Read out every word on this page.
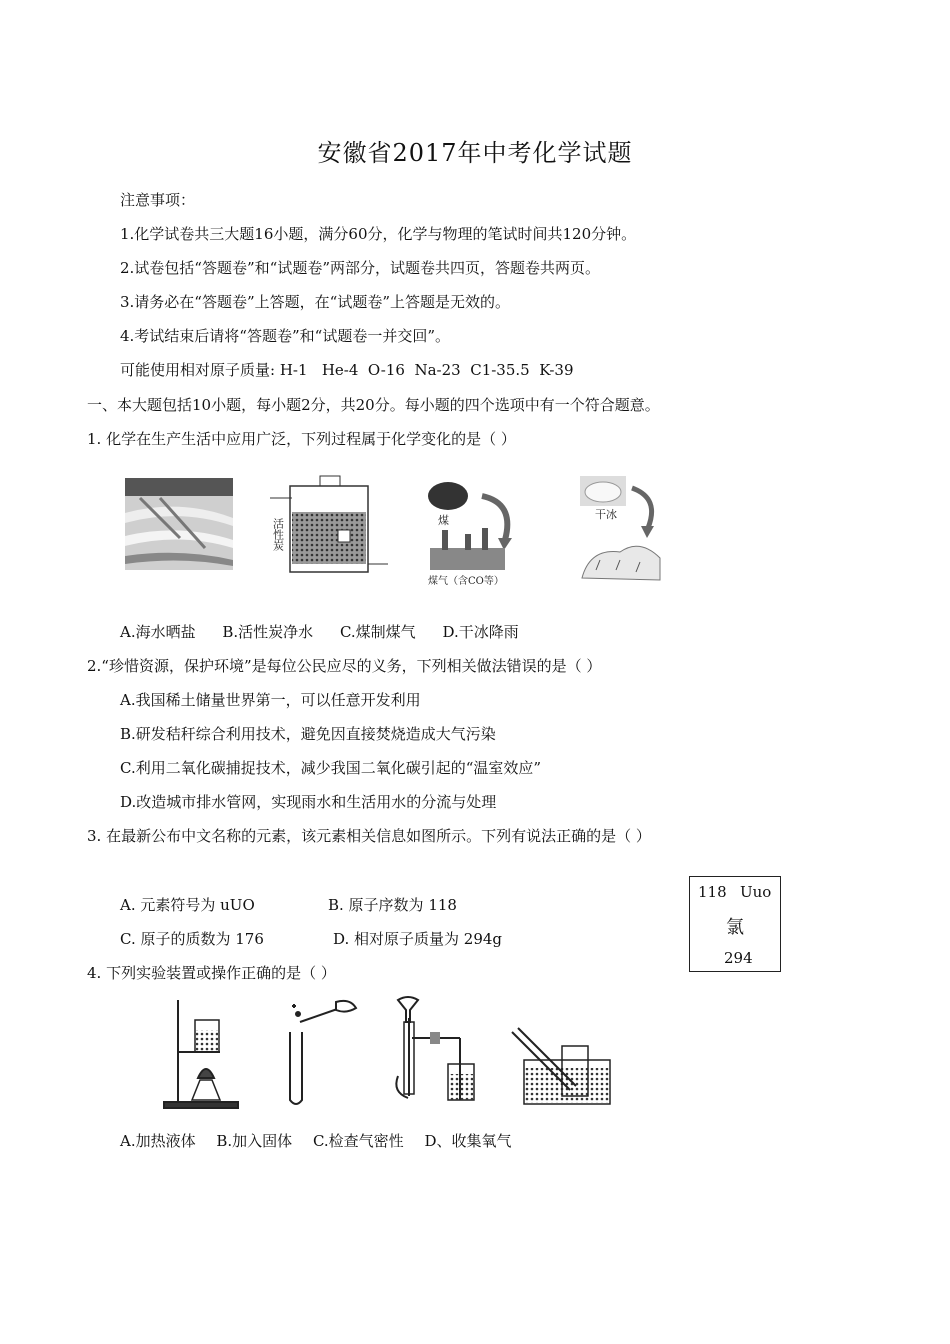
安徽省2017年中考化学试题
注意事项：
1.化学试卷共三大题16小题，满分60分，化学与物理的笔试时间共120分钟。
2.试卷包括“答题卷”和“试题卷”两部分，试题卷共四页，答题卷共两页。
3.请务必在“答题卷”上答题，在“试题卷”上答题是无效的。
4.考试结束后请将“答题卷”和“试题卷一并交回”。
可能使用相对原子质量: H-1   He-4  O-16  Na-23  C1-35.5  K-39
一、本大题包括10小题，每小题2分，共20分。每小题的四个选项中有一个符合题意。
1. 化学在生产生活中应用广泛，下列过程属于化学变化的是（ ）
活性炭	煤
煤气（含CO等）
干冰
A.海水晒盐 B.活性炭净水 C.煤制煤气 D.干冰降雨
2.“珍惜资源，保护环境”是每位公民应尽的义务，下列相关做法错误的是（ ）
A.我国稀土储量世界第一，可以任意开发利用
B.研发秸秆综合利用技术，避免因直接焚烧造成大气污染
C.利用二氧化碳捕捉技术，减少我国二氧化碳引起的“温室效应”
D.改造城市排水管网，实现雨水和生活用水的分流与处理
3. 在最新公布中文名称的元素，该元素相关信息如图所示。下列有说法正确的是（ ）
A. 元素符号为 uUO	B. 原子序数为 118
C. 原子的质数为 176	D. 相对原子质量为 294g
118 Uuo
氯
294
4. 下列实验装置或操作正确的是（ ）
A.加热液体 B.加入固体 C.检查气密性 D、收集氧气
